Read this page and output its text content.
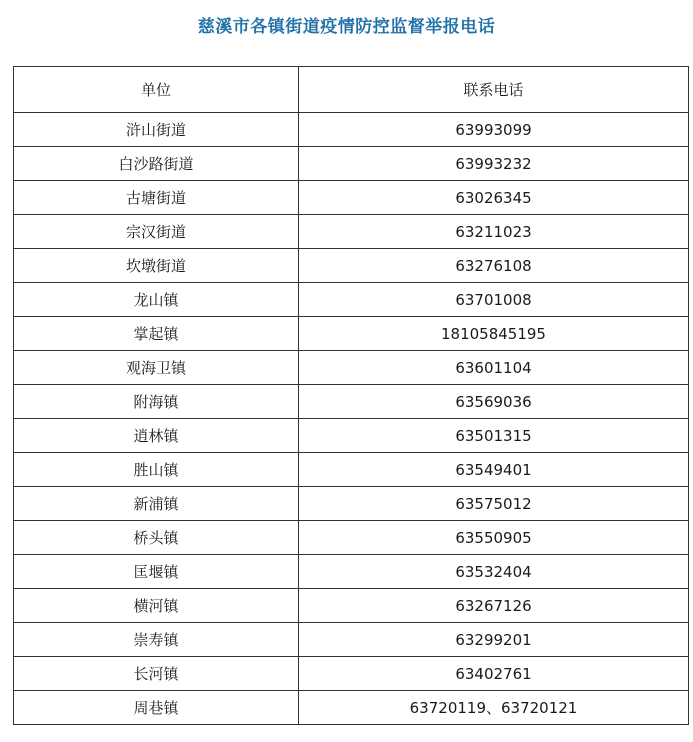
慈溪市各镇街道疫情防控监督举报电话
单位	联系电话
浒山街道	63993099
白沙路街道	63993232
古塘街道	63026345
宗汉街道	63211023
坎墩街道	63276108
龙山镇	63701008
掌起镇	18105845195
观海卫镇	63601104
附海镇	63569036
逍林镇	63501315
胜山镇	63549401
新浦镇	63575012
桥头镇	63550905
匡堰镇	63532404
横河镇	63267126
崇寿镇	63299201
长河镇	63402761
周巷镇	63720119、63720121
